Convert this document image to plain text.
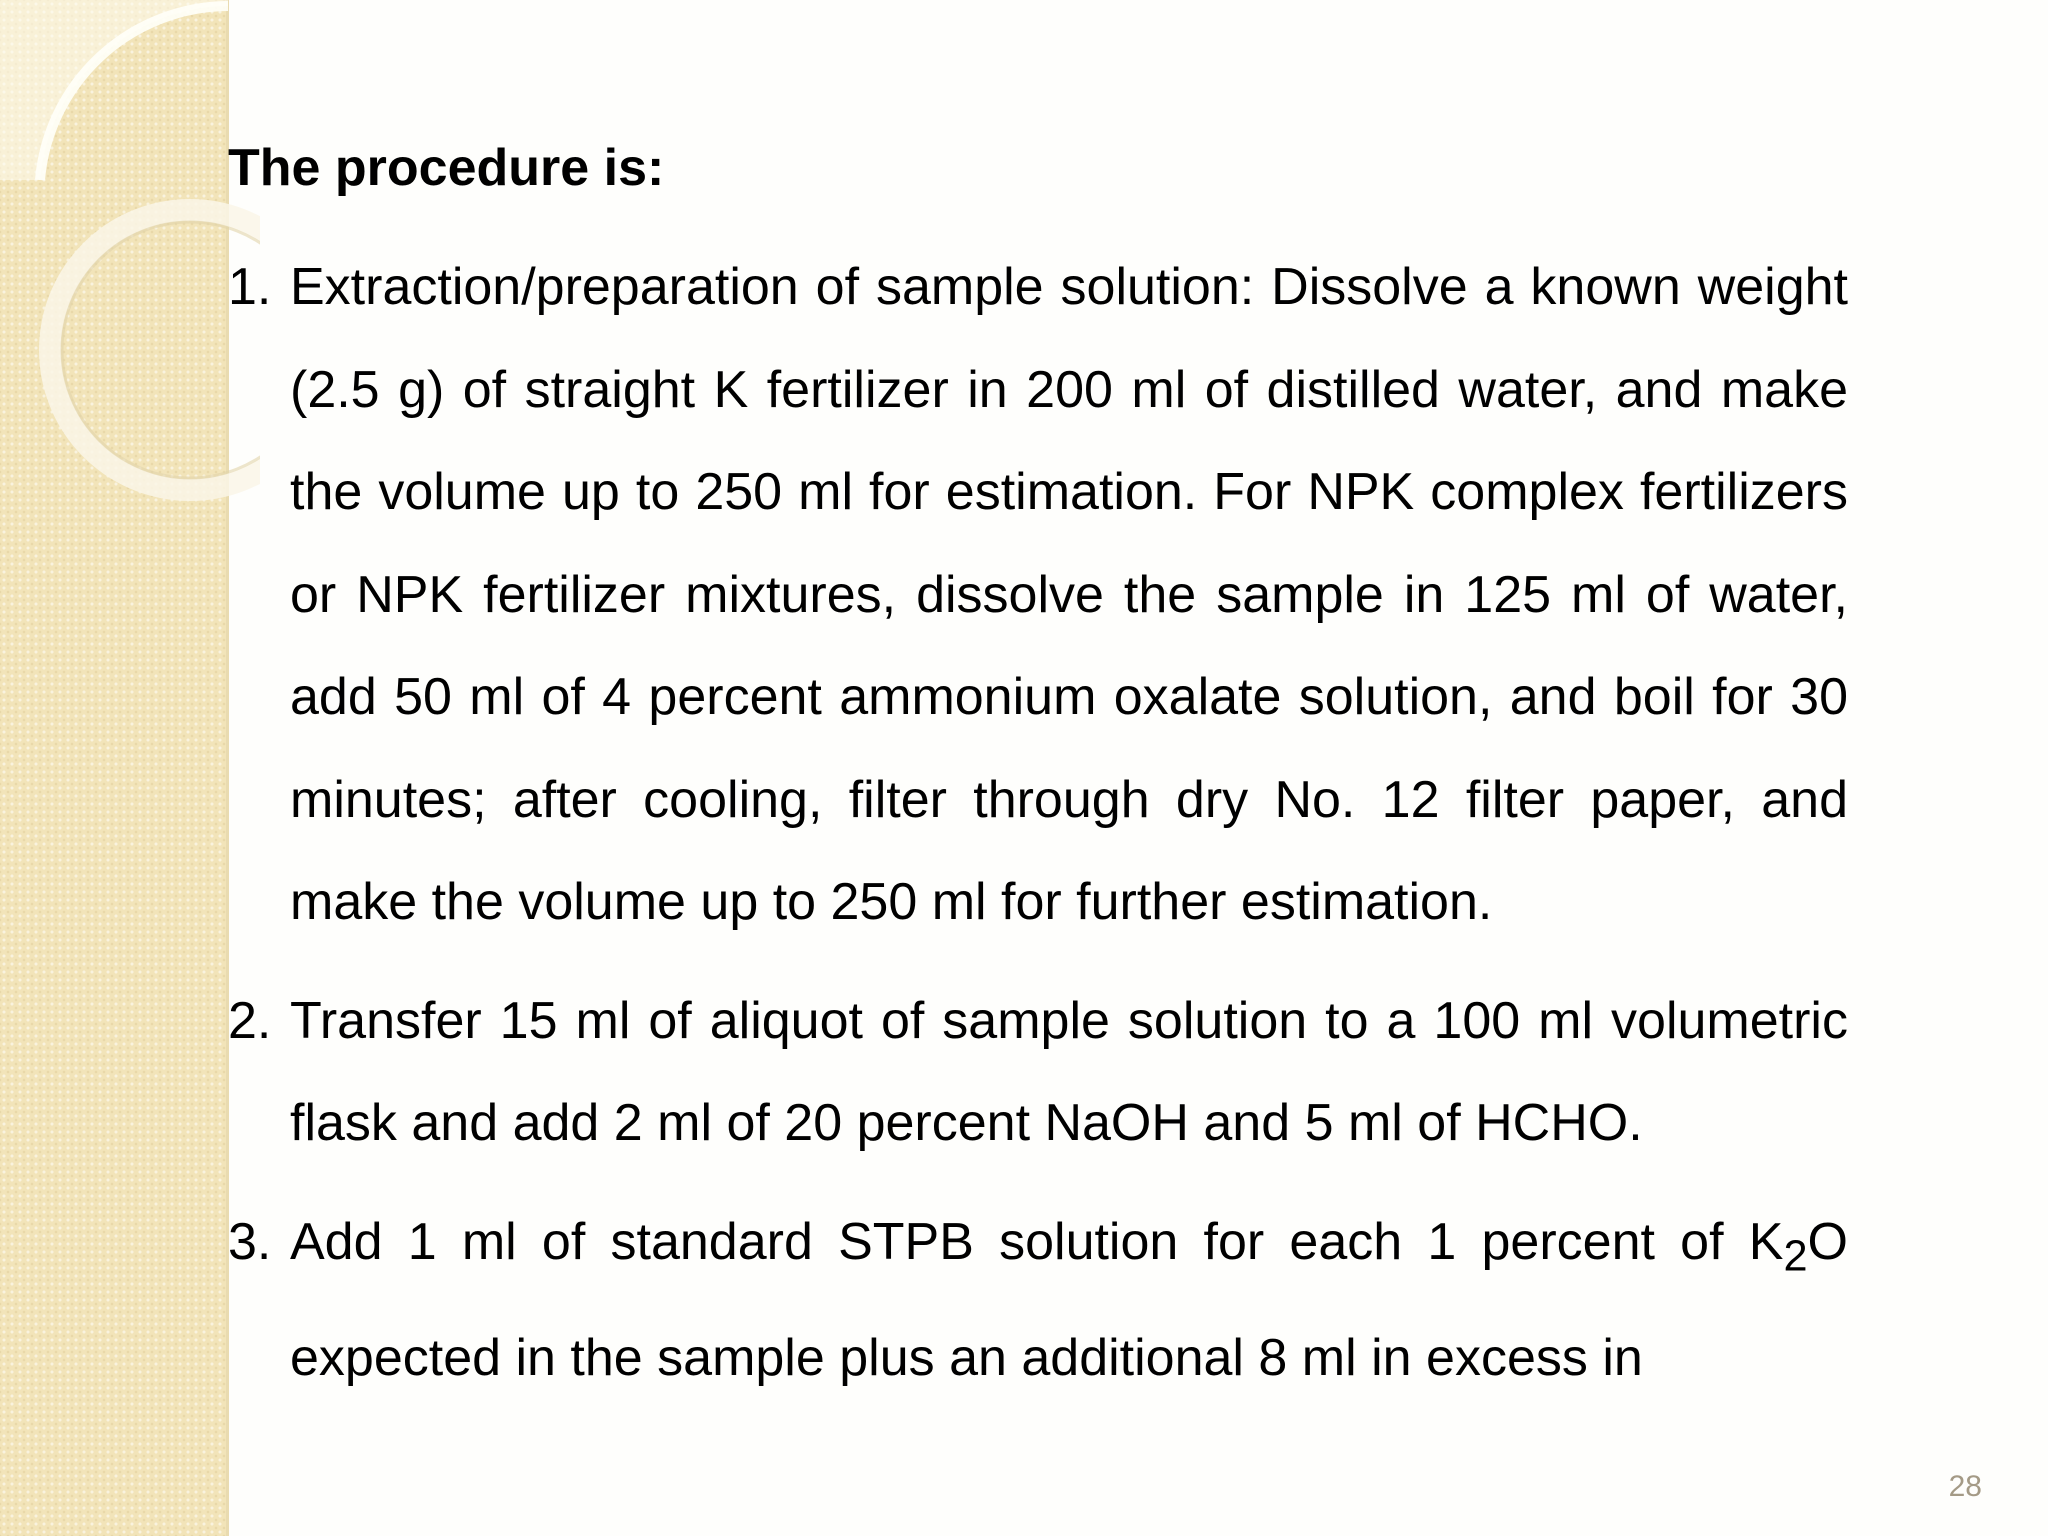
The procedure is:
1. Extraction/preparation of sample solution: Dissolve a known weight (2.5 g) of straight K fertilizer in 200 ml of distilled water, and make the volume up to 250 ml for estimation. For NPK complex fertilizers or NPK fertilizer mixtures, dissolve the sample in 125 ml of water, add 50 ml of 4 percent ammonium oxalate solution, and boil for 30 minutes; after cooling, filter through dry No. 12 filter paper, and make the volume up to 250 ml for further estimation.
2. Transfer 15 ml of aliquot of sample solution to a 100 ml volumetric flask and add 2 ml of 20 percent NaOH and 5 ml of HCHO.
3. Add 1 ml of standard STPB solution for each 1 percent of $K_2O$ expected in the sample plus an additional 8 ml in excess in
28
